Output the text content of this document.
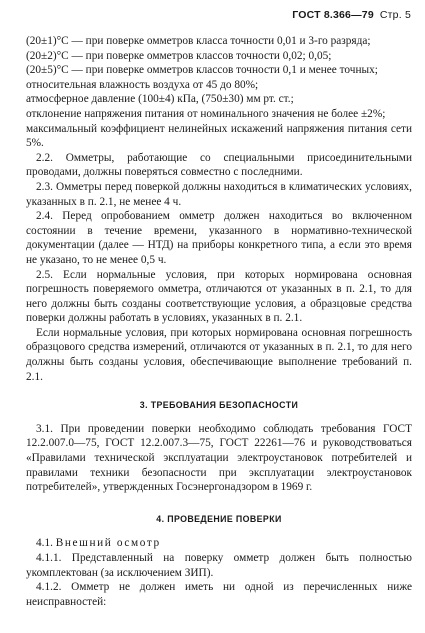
ГОСТ 8.366—79 Стр. 5

(20±1)°С — при поверке омметров класса точности 0,01 и 3-го разряда;

(20±2)°С — при поверке омметров классов точности 0,02; 0,05;

(20±5)°С — при поверке омметров классов точности 0,1 и менее точных;

относительная влажность воздуха от 45 до 80%;

атмосферное давление (100±4) кПа, (750±30) мм рт. ст.;

отклонение напряжения питания от номинального значения не более ±2%;

максимальный коэффициент нелинейных искажений напряжения питания сети 5%.

2.2. Омметры, работающие со специальными присоединительными проводами, должны поверяться совместно с последними.

2.3. Омметры перед поверкой должны находиться в климатических условиях, указанных в п. 2.1, не менее 4 ч.

2.4. Перед опробованием омметр должен находиться во включенном состоянии в течение времени, указанного в нормативно-технической документации (далее — НТД) на приборы конкретного типа, а если это время не указано, то не менее 0,5 ч.

2.5. Если нормальные условия, при которых нормирована основная погрешность поверяемого омметра, отличаются от указанных в п. 2.1, то для него должны быть созданы соответствующие условия, а образцовые средства поверки должны работать в условиях, указанных в п. 2.1.

Если нормальные условия, при которых нормирована основная погрешность образцового средства измерений, отличаются от указанных в п. 2.1, то для него должны быть созданы условия, обеспечивающие выполнение требований п. 2.1.

3. ТРЕБОВАНИЯ БЕЗОПАСНОСТИ

3.1. При проведении поверки необходимо соблюдать требования ГОСТ 12.2.007.0—75, ГОСТ 12.2.007.3—75, ГОСТ 22261—76 и руководствоваться «Правилами технической эксплуатации электроустановок потребителей и правилами техники безопасности при эксплуатации электроустановок потребителей», утвержденных Госэнергонадзором в 1969 г.

4. ПРОВЕДЕНИЕ ПОВЕРКИ

4.1. Внешний осмотр

4.1.1. Представленный на поверку омметр должен быть полностью укомплектован (за исключением ЗИП).

4.1.2. Омметр не должен иметь ни одной из перечисленных ниже неисправностей:
